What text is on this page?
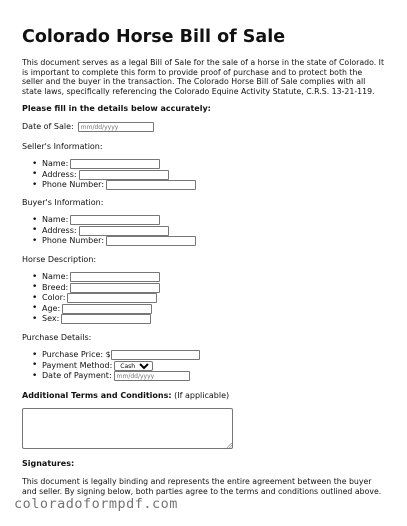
Colorado Horse Bill of Sale

This document serves as a legal Bill of Sale for the sale of a horse in the state of Colorado. It is important to complete this form to provide proof of purchase and to protect both the seller and the buyer in the transaction. The Colorado Horse Bill of Sale complies with all state laws, specifically referencing the Colorado Equine Activity Statute, C.R.S. 13-21-119.

Please fill in the details below accurately:

Date of Sale:
mm/dd/yyyy

Seller's Information:

• Name:
• Address:
• Phone Number:

Buyer's Information:

• Name:
• Address:
• Phone Number:

Horse Description:

• Name:
• Breed:
• Color:
• Age:
• Sex:

Purchase Details:

• Purchase Price: $
• Payment Method:
Cash
• Date of Payment:
mm/dd/yyyy

Additional Terms and Conditions: (If applicable)

Signatures:

This document is legally binding and represents the entire agreement between the buyer and seller. By signing below, both parties agree to the terms and conditions outlined above.

coloradoformpdf.com
